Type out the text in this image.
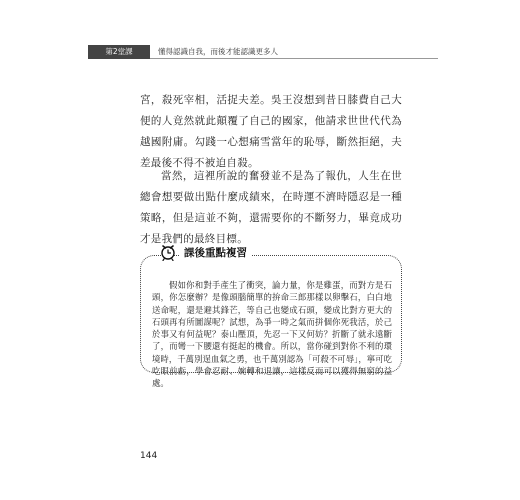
第2堂課	懂得認識自我，而後才能認識更多人

宮，殺死宰相，活捉夫差。吳王沒想到昔日膝費自己大便的人竟然就此顛覆了自己的國家，他請求世世代代為越國附庸。勾踐一心想痛雪當年的恥辱，斷然拒絕，夫差最後不得不被迫自殺。

當然，這裡所說的奮發並不是為了報仇，人生在世總會想要做出點什麼成績來，在時運不濟時隱忍是一種策略，但是這並不夠，還需要你的不斷努力，畢竟成功才是我們的最終目標。

課後重點複習

假如你和對手產生了衝突，論力量，你是雞蛋，而對方是石頭，你怎麼辦？是像頭腦簡單的拚命三郎那樣以卵擊石，白白地送命呢，還是避其鋒芒，等自己也變成石頭，變成比對方更大的石頭再有所圖謀呢？試想，為爭一時之氣而拼個你死我活，於己於事又有何益呢？泰山壓頂，先忍一下又何妨？折斷了就永遠斷了，而彎一下腰還有挺起的機會。所以，當你碰到對你不利的環境時，千萬別逞血氣之勇，也千萬別認為「可殺不可辱」，寧可吃吃眼前虧，學會忍耐、婉轉和退讓，這樣反而可以獲得無窮的益處。

144
